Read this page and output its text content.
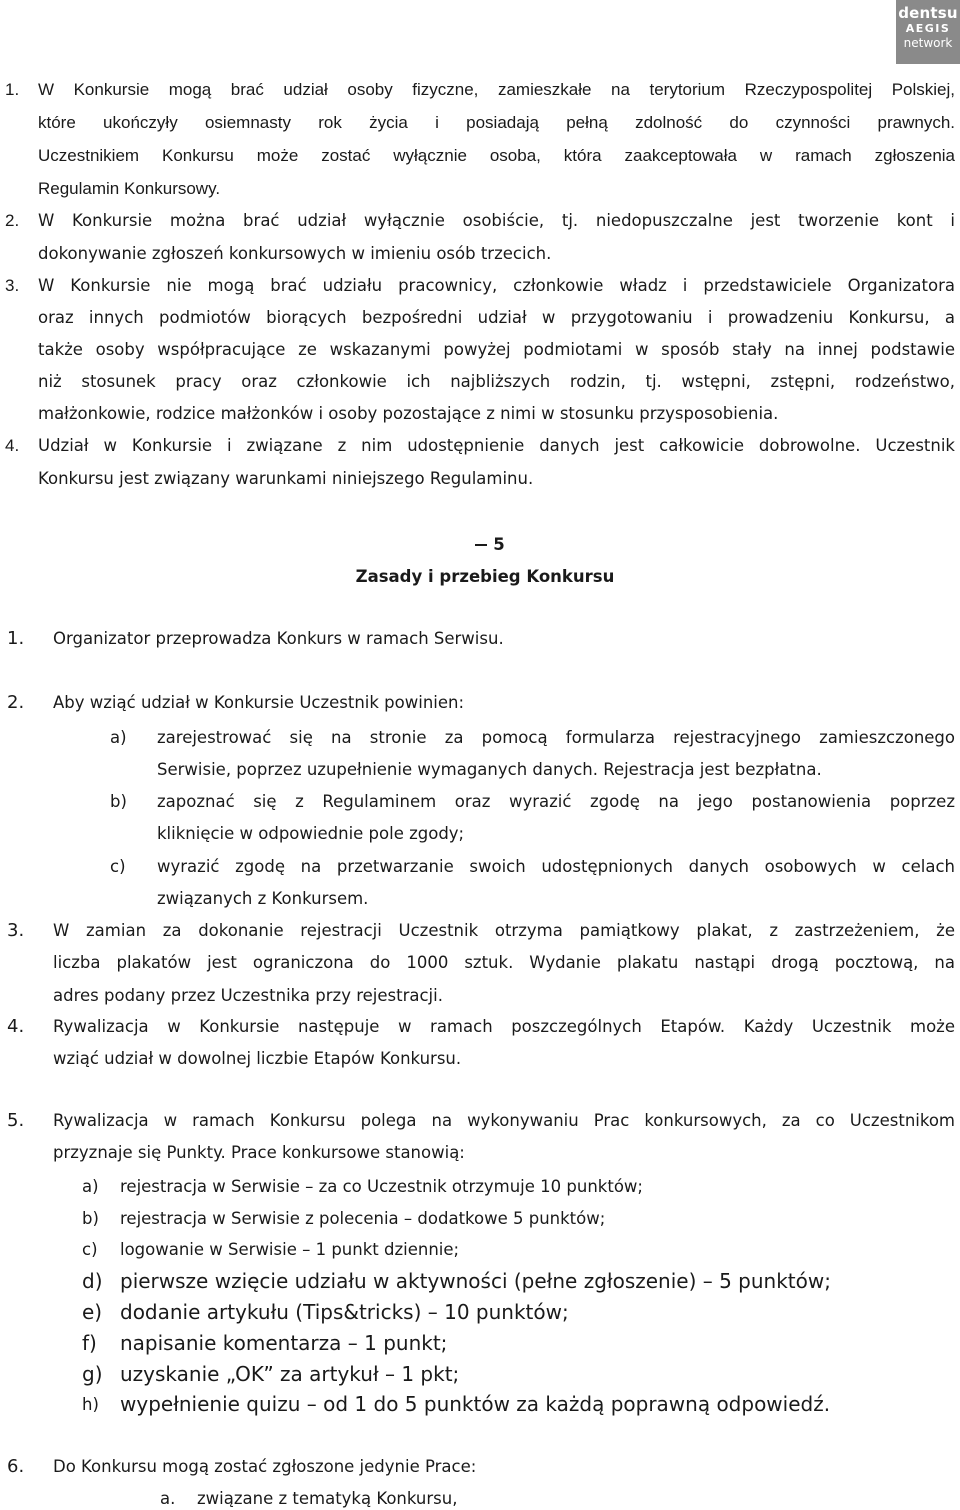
dentsu
AEGIS
network
1. W Konkursie mogą brać udział osoby fizyczne, zamieszkałe na terytorium Rzeczypospolitej Polskiej,
które ukończyły osiemnasty rok życia i posiadają pełną zdolność do czynności prawnych.
Uczestnikiem Konkursu może zostać wyłącznie osoba, która zaakceptowała w ramach zgłoszenia
Regulamin Konkursowy.
2. W Konkursie można brać udział wyłącznie osobiście, tj. niedopuszczalne jest tworzenie kont i
dokonywanie zgłoszeń konkursowych w imieniu osób trzecich.
3. W Konkursie nie mogą brać udziału pracownicy, członkowie władz i przedstawiciele Organizatora
oraz innych podmiotów biorących bezpośredni udział w przygotowaniu i prowadzeniu Konkursu, a
także osoby współpracujące ze wskazanymi powyżej podmiotami w sposób stały na innej podstawie
niż stosunek pracy oraz członkowie ich najbliższych rodzin, tj. wstępni, zstępni, rodzeństwo,
małżonkowie, rodzice małżonków i osoby pozostające z nimi w stosunku przysposobienia.
4. Udział w Konkursie i związane z nim udostępnienie danych jest całkowicie dobrowolne. Uczestnik
Konkursu jest związany warunkami niniejszego Regulaminu.
5
Zasady i przebieg Konkursu
1. Organizator przeprowadza Konkurs w ramach Serwisu.
2. Aby wziąć udział w Konkursie Uczestnik powinien:
a) zarejestrować się na stronie za pomocą formularza rejestracyjnego zamieszczonego
Serwisie, poprzez uzupełnienie wymaganych danych. Rejestracja jest bezpłatna.
b) zapoznać się z Regulaminem oraz wyrazić zgodę na jego postanowienia poprzez
kliknięcie w odpowiednie pole zgody;
c) wyrazić zgodę na przetwarzanie swoich udostępnionych danych osobowych w celach
związanych z Konkursem.
3. W zamian za dokonanie rejestracji Uczestnik otrzyma pamiątkowy plakat, z zastrzeżeniem, że
liczba plakatów jest ograniczona do 1000 sztuk. Wydanie plakatu nastąpi drogą pocztową, na
adres podany przez Uczestnika przy rejestracji.
4. Rywalizacja w Konkursie następuje w ramach poszczególnych Etapów. Każdy Uczestnik może
wziąć udział w dowolnej liczbie Etapów Konkursu.
5. Rywalizacja w ramach Konkursu polega na wykonywaniu Prac konkursowych, za co Uczestnikom
przyznaje się Punkty. Prace konkursowe stanowią:
a) rejestracja w Serwisie – za co Uczestnik otrzymuje 10 punktów;
b) rejestracja w Serwisie z polecenia – dodatkowe 5 punktów;
c) logowanie w Serwisie – 1 punkt dziennie;
d) pierwsze wzięcie udziału w aktywności (pełne zgłoszenie) – 5 punktów;
e) dodanie artykułu (Tips&tricks) – 10 punktów;
f) napisanie komentarza – 1 punkt;
g) uzyskanie „OK” za artykuł – 1 pkt;
h) wypełnienie quizu – od 1 do 5 punktów za każdą poprawną odpowiedź.
6. Do Konkursu mogą zostać zgłoszone jedynie Prace:
a. związane z tematyką Konkursu,
